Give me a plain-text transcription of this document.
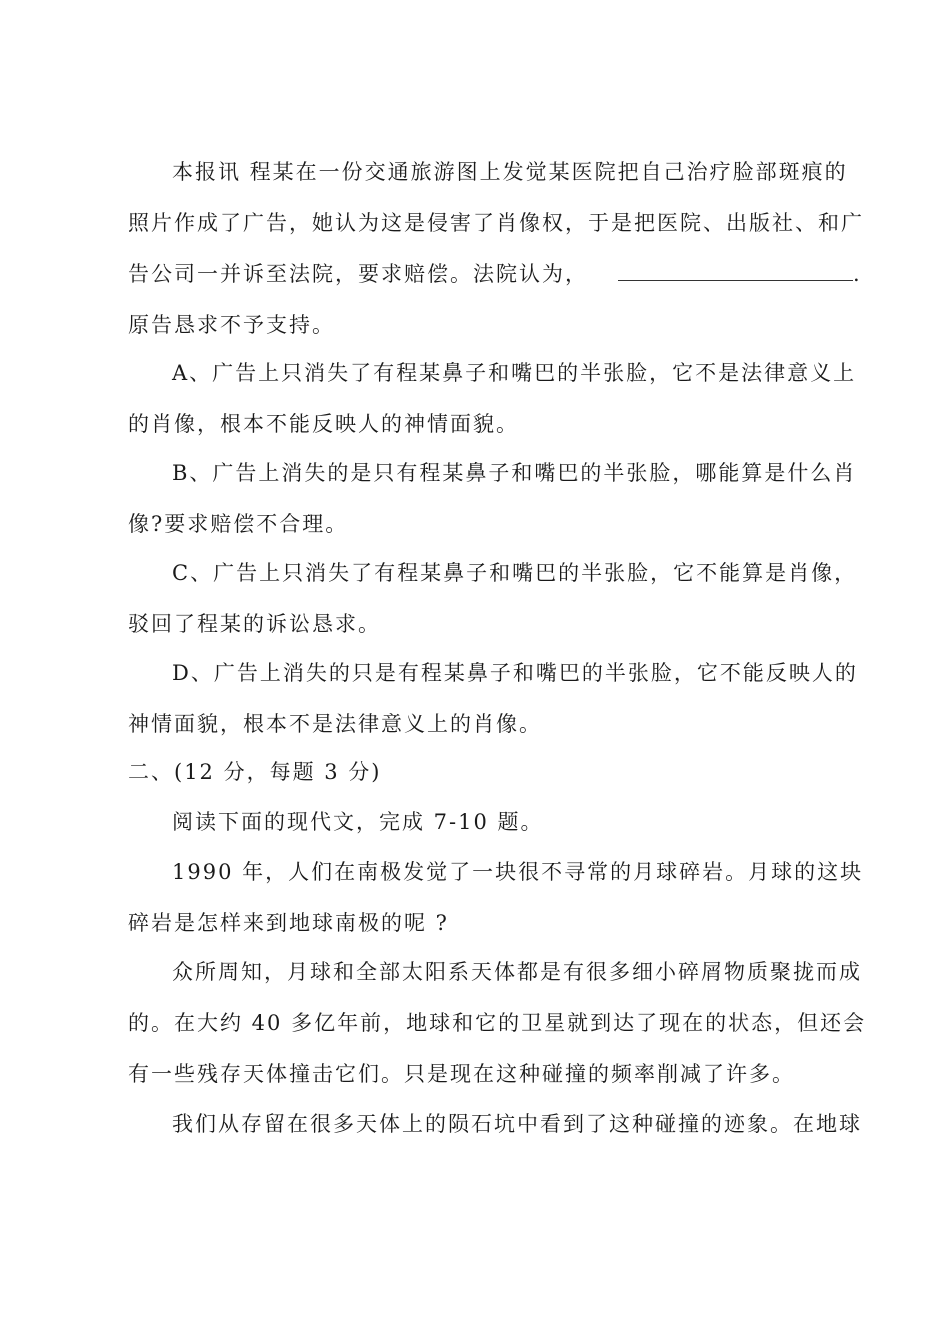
本报讯 程某在一份交通旅游图上发觉某医院把自己治疗脸部斑痕的
照片作成了广告，她认为这是侵害了肖像权，于是把医院、出版社、和广
告公司一并诉至法院，要求赔偿。法院认为，	.
原告恳求不予支持。
A、广告上只消失了有程某鼻子和嘴巴的半张脸，它不是法律意义上
的肖像，根本不能反映人的神情面貌。
B、广告上消失的是只有程某鼻子和嘴巴的半张脸，哪能算是什么肖
像?要求赔偿不合理。
C、广告上只消失了有程某鼻子和嘴巴的半张脸，它不能算是肖像，
驳回了程某的诉讼恳求。
D、广告上消失的只是有程某鼻子和嘴巴的半张脸，它不能反映人的
神情面貌，根本不是法律意义上的肖像。
二、(12 分，每题 3 分)
阅读下面的现代文，完成 7-10 题。
1990 年，人们在南极发觉了一块很不寻常的月球碎岩。月球的这块
碎岩是怎样来到地球南极的呢 ?
众所周知，月球和全部太阳系天体都是有很多细小碎屑物质聚拢而成
的。在大约 40 多亿年前，地球和它的卫星就到达了现在的状态，但还会
有一些残存天体撞击它们。只是现在这种碰撞的频率削减了许多。
我们从存留在很多天体上的陨石坑中看到了这种碰撞的迹象。在地球
